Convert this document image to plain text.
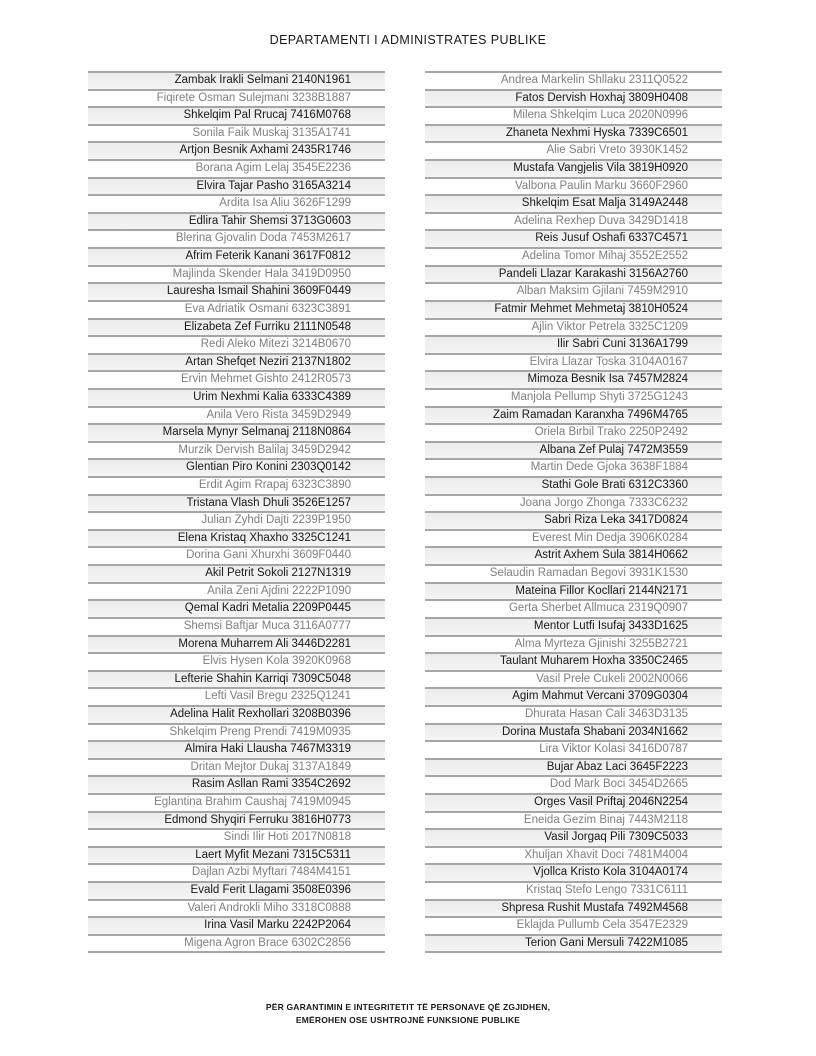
DEPARTAMENTI I ADMINISTRATES PUBLIKE
Zambak Irakli Selmani 2140N1961
Fiqirete Osman Sulejmani 3238B1887
Shkelqim Pal Rrucaj 7416M0768
Sonila Faik Muskaj 3135A1741
Artjon Besnik Axhami 2435R1746
Borana Agim Lelaj 3545E2236
Elvira Tajar Pasho 3165A3214
Ardita Isa Aliu 3626F1299
Edlira Tahir Shemsi 3713G0603
Blerina Gjovalin Doda 7453M2617
Afrim Feterik Kanani 3617F0812
Majlinda Skender Hala 3419D0950
Lauresha Ismail Shahini 3609F0449
Eva Adriatik Osmani 6323C3891
Elizabeta Zef Furriku 2111N0548
Redi Aleko Mitezi 3214B0670
Artan Shefqet Neziri 2137N1802
Ervin Mehmet Gishto 2412R0573
Urim Nexhmi Kalia 6333C4389
Anila Vero Rista 3459D2949
Marsela Mynyr Selmanaj 2118N0864
Murzik Dervish Balilaj 3459D2942
Glentian Piro Konini 2303Q0142
Erdit Agim Rrapaj 6323C3890
Tristana Vlash Dhuli 3526E1257
Julian Zyhdi Dajti 2239P1950
Elena Kristaq Xhaxho 3325C1241
Dorina Gani Xhurxhi 3609F0440
Akil Petrit Sokoli 2127N1319
Anila Zeni Ajdini 2222P1090
Qemal Kadri Metalia 2209P0445
Shemsi Baftjar Muca 3116A0777
Morena Muharrem Ali 3446D2281
Elvis Hysen Kola 3920K0968
Lefterie Shahin Karriqi 7309C5048
Lefti Vasil Bregu 2325Q1241
Adelina Halit Rexhollari 3208B0396
Shkelqim Preng Prendi 7419M0935
Almira Haki Llausha 7467M3319
Dritan Mejtor Dukaj 3137A1849
Rasim Asllan Rami 3354C2692
Eglantina Brahim Caushaj 7419M0945
Edmond Shyqiri Ferruku 3816H0773
Sindi Ilir Hoti 2017N0818
Laert Myfit Mezani 7315C5311
Dajlan Azbi Myftari 7484M4151
Evald Ferit Llagami 3508E0396
Valeri Androkli Miho 3318C0888
Irina Vasil Marku 2242P2064
Migena Agron Brace 6302C2856
Andrea Markelin Shllaku 2311Q0522
Fatos Dervish Hoxhaj 3809H0408
Milena Shkelqim Luca 2020N0996
Zhaneta Nexhmi Hyska 7339C6501
Alie Sabri Vreto 3930K1452
Mustafa Vangjelis Vila 3819H0920
Valbona Paulin Marku 3660F2960
Shkelqim Esat Malja 3149A2448
Adelina Rexhep Duva 3429D1418
Reis Jusuf Oshafi 6337C4571
Adelina Tomor Mihaj 3552E2552
Pandeli Llazar Karakashi 3156A2760
Alban Maksim Gjilani 7459M2910
Fatmir Mehmet Mehmetaj 3810H0524
Ajlin Viktor Petrela 3325C1209
Ilir Sabri Cuni 3136A1799
Elvira Llazar Toska 3104A0167
Mimoza Besnik Isa 7457M2824
Manjola Pellump Shyti 3725G1243
Zaim Ramadan Karanxha 7496M4765
Oriela Birbil Trako 2250P2492
Albana Zef Pulaj 7472M3559
Martin Dede Gjoka 3638F1884
Stathi Gole Brati 6312C3360
Joana Jorgo Zhonga 7333C6232
Sabri Riza Leka 3417D0824
Everest Min Dedja 3906K0284
Astrit Axhem Sula 3814H0662
Selaudin Ramadan Begovi 3931K1530
Mateina Fillor Kocllari 2144N2171
Gerta Sherbet Allmuca 2319Q0907
Mentor Lutfi Isufaj 3433D1625
Alma Myrteza Gjinishi 3255B2721
Taulant Muharem Hoxha 3350C2465
Vasil Prele Cukeli 2002N0066
Agim Mahmut Vercani 3709G0304
Dhurata Hasan Cali 3463D3135
Dorina Mustafa Shabani 2034N1662
Lira Viktor Kolasi 3416D0787
Bujar Abaz Laci 3645F2223
Dod Mark Boci 3454D2665
Orges Vasil Priftaj 2046N2254
Eneida Gezim Binaj 7443M2118
Vasil Jorgaq Pili 7309C5033
Xhuljan Xhavit Doci 7481M4004
Vjollca Kristo Kola 3104A0174
Kristaq Stefo Lengo 7331C6111
Shpresa Rushit Mustafa 7492M4568
Eklajda Pullumb Cela 3547E2329
Terion Gani Mersuli 7422M1085
PËR GARANTIMIN E INTEGRITETIT TË PERSONAVE QË ZGJIDHEN,
EMËROHEN OSE USHTROJNË FUNKSIONE PUBLIKE
